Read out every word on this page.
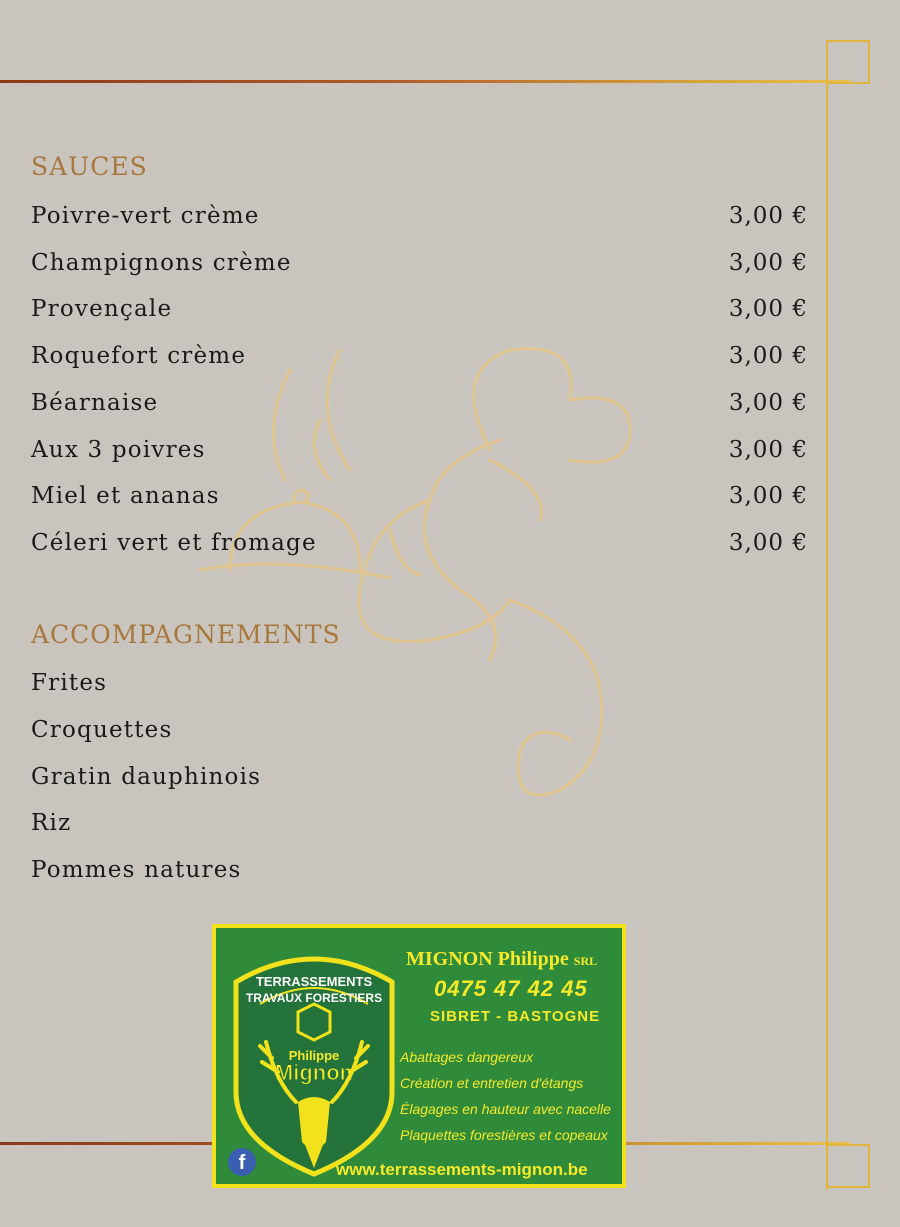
SAUCES
Poivre-vert crème	3,00 €
Champignons crème	3,00 €
Provençale	3,00 €
Roquefort crème	3,00 €
Béarnaise	3,00 €
Aux 3 poivres	3,00 €
Miel et ananas	3,00 €
Céleri vert et fromage	3,00 €
ACCOMPAGNEMENTS
Frites
Croquettes
Gratin dauphinois
Riz
Pommes natures
TERRASSEMENTS
TRAVAUX FORESTIERS
Philippe
Mignon
MIGNON Philippe SRL
0475 47 42 45
SIBRET - BASTOGNE
Abattages dangereux
Création et entretien d'étangs
Élagages en hauteur avec nacelle
Plaquettes forestières et copeaux
f	www.terrassements-mignon.be
